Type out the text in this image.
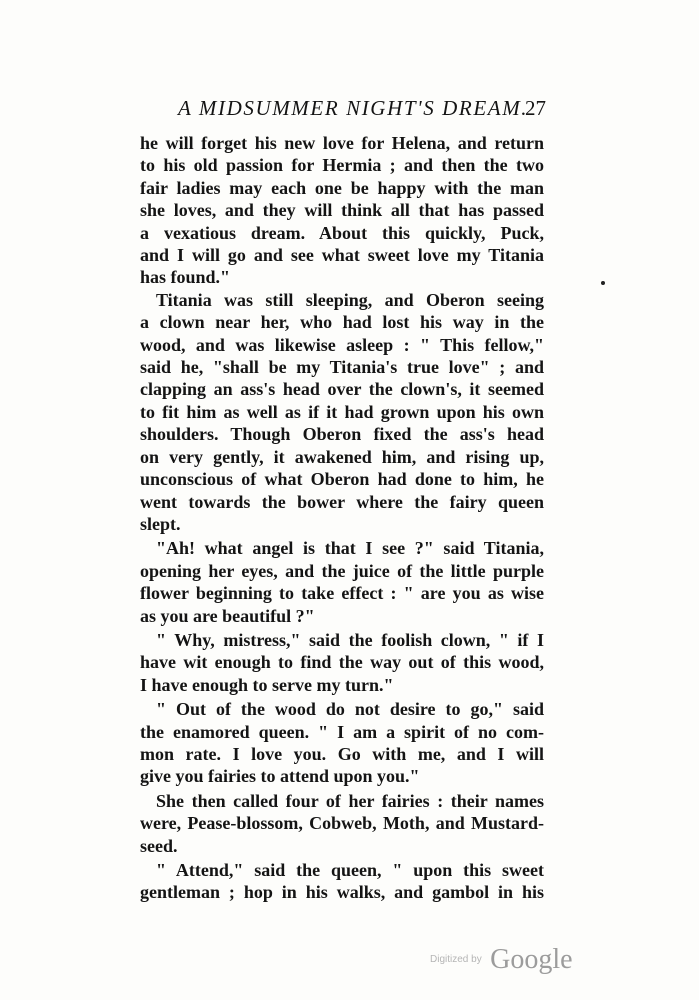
A MIDSUMMER NIGHT'S DREAM.
27

he will forget his new love for Helena, and return
to his old passion for Hermia ; and then the two
fair ladies may each one be happy with the man
she loves, and they will think all that has passed
a vexatious dream. About this quickly, Puck,
and I will go and see what sweet love my Titania
has found."

Titania was still sleeping, and Oberon seeing
a clown near her, who had lost his way in the
wood, and was likewise asleep : " This fellow,"
said he, "shall be my Titania's true love" ; and
clapping an ass's head over the clown's, it seemed
to fit him as well as if it had grown upon his own
shoulders. Though Oberon fixed the ass's head
on very gently, it awakened him, and rising up,
unconscious of what Oberon had done to him, he
went towards the bower where the fairy queen
slept.

"Ah! what angel is that I see ?" said Titania,
opening her eyes, and the juice of the little purple
flower beginning to take effect : " are you as wise
as you are beautiful ?"

" Why, mistress," said the foolish clown, " if I
have wit enough to find the way out of this wood,
I have enough to serve my turn."

" Out of the wood do not desire to go," said
the enamored queen. " I am a spirit of no com-
mon rate. I love you. Go with me, and I will
give you fairies to attend upon you."

She then called four of her fairies : their names
were, Pease-blossom, Cobweb, Moth, and Mustard-
seed.

" Attend," said the queen, " upon this sweet
gentleman ; hop in his walks, and gambol in his

$^{Digitized by}$ Google
